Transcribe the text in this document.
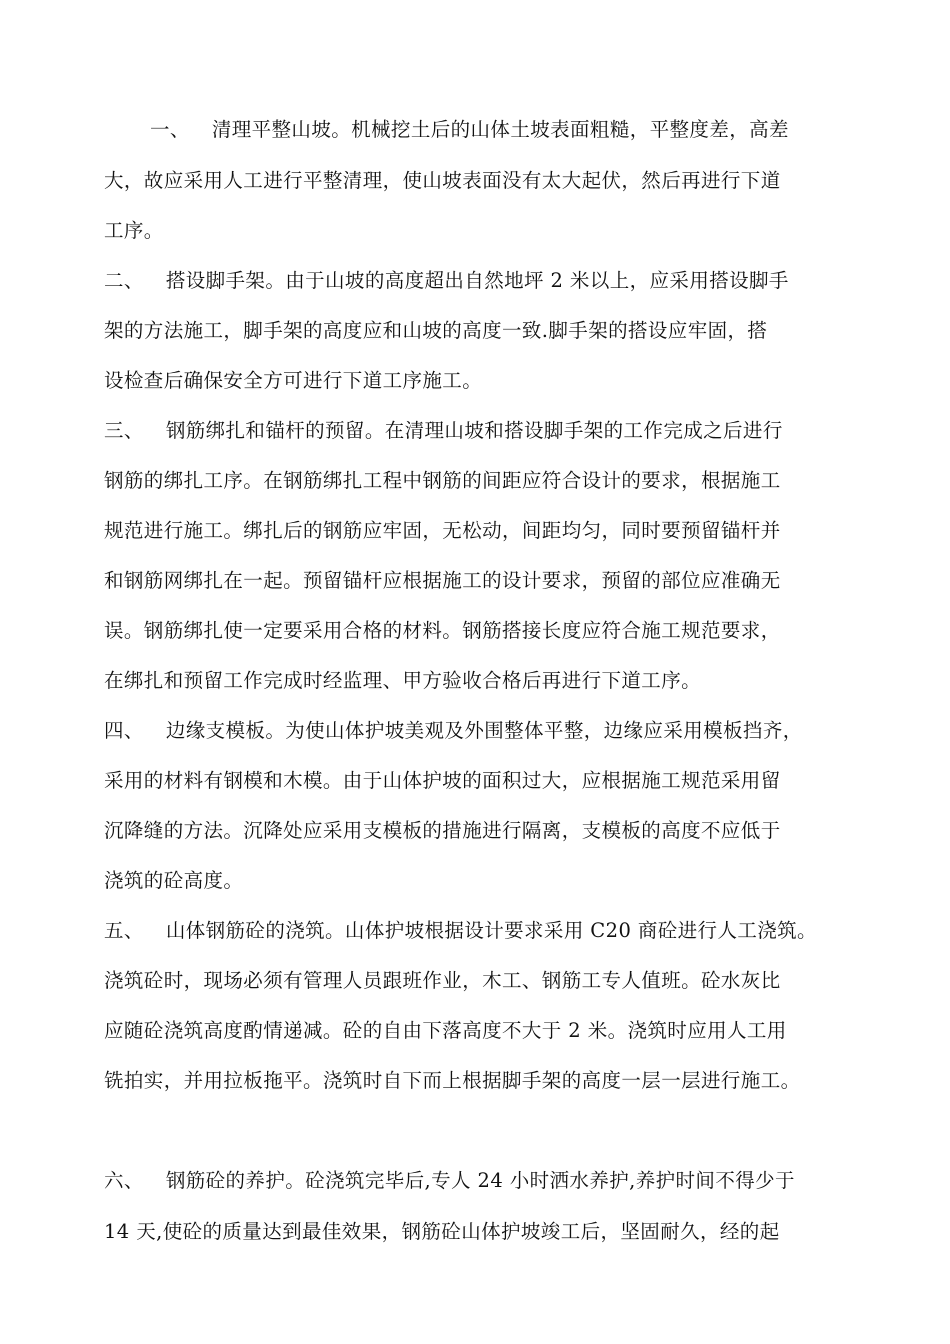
一、 清理平整山坡。机械挖土后的山体土坡表面粗糙，平整度差，高差
大，故应采用人工进行平整清理，使山坡表面没有太大起伏，然后再进行下道
工序。
二、 搭设脚手架。由于山坡的高度超出自然地坪 2 米以上，应采用搭设脚手
架的方法施工，脚手架的高度应和山坡的高度一致.脚手架的搭设应牢固，搭
设检查后确保安全方可进行下道工序施工。
三、 钢筋绑扎和锚杆的预留。在清理山坡和搭设脚手架的工作完成之后进行
钢筋的绑扎工序。在钢筋绑扎工程中钢筋的间距应符合设计的要求，根据施工
规范进行施工。绑扎后的钢筋应牢固，无松动，间距均匀，同时要预留锚杆并
和钢筋网绑扎在一起。预留锚杆应根据施工的设计要求，预留的部位应准确无
误。钢筋绑扎使一定要采用合格的材料。钢筋搭接长度应符合施工规范要求，
在绑扎和预留工作完成时经监理、甲方验收合格后再进行下道工序。
四、 边缘支模板。为使山体护坡美观及外围整体平整，边缘应采用模板挡齐，
采用的材料有钢模和木模。由于山体护坡的面积过大，应根据施工规范采用留
沉降缝的方法。沉降处应采用支模板的措施进行隔离，支模板的高度不应低于
浇筑的砼高度。
五、 山体钢筋砼的浇筑。山体护坡根据设计要求采用 C20 商砼进行人工浇筑。
浇筑砼时，现场必须有管理人员跟班作业，木工、钢筋工专人值班。砼水灰比
应随砼浇筑高度酌情递减。砼的自由下落高度不大于 2 米。浇筑时应用人工用
铣拍实，并用拉板拖平。浇筑时自下而上根据脚手架的高度一层一层进行施工。
六、 钢筋砼的养护。砼浇筑完毕后,专人 24 小时洒水养护,养护时间不得少于
14 天,使砼的质量达到最佳效果，钢筋砼山体护坡竣工后，坚固耐久，经的起
